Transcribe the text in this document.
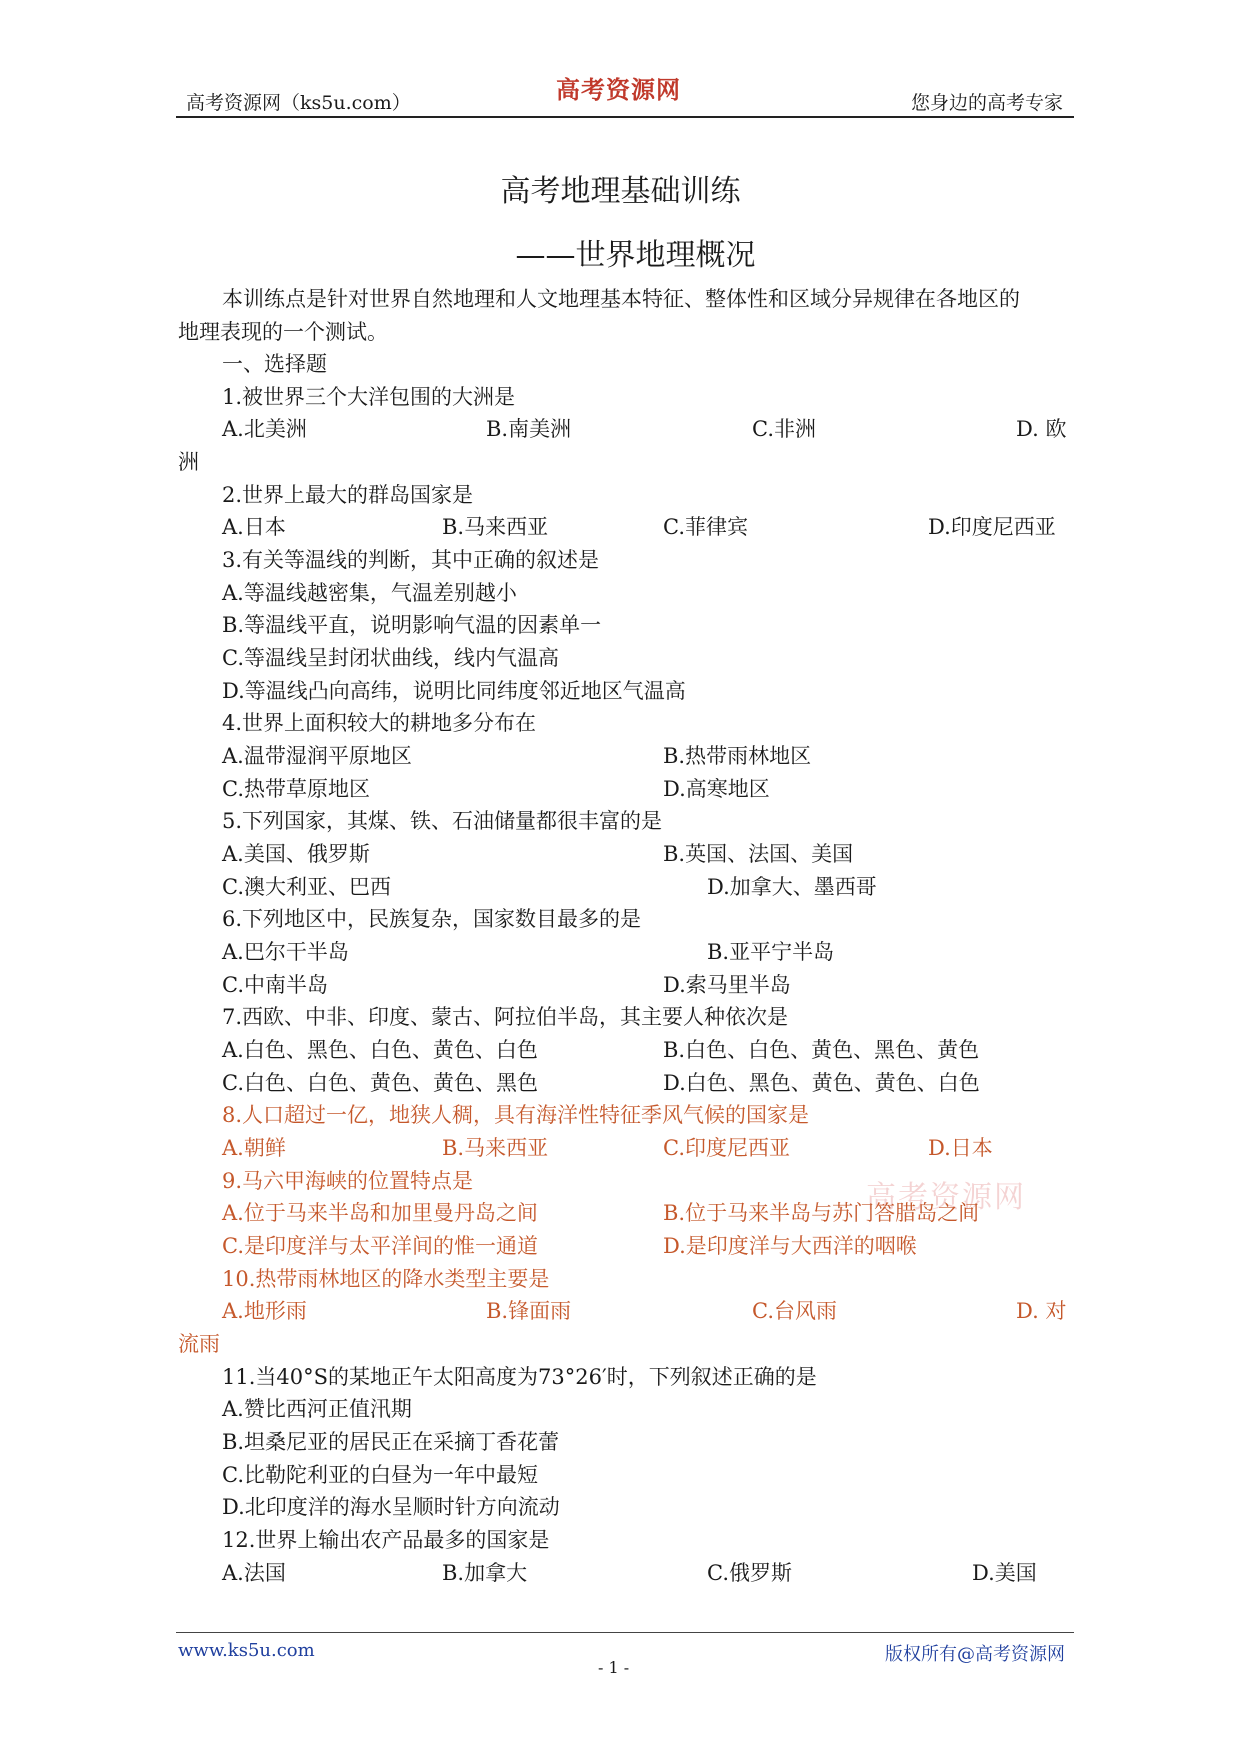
高考资源网（ks5u.com）	高考资源网	您身边的高考专家
高考地理基础训练
——世界地理概况
本训练点是针对世界自然地理和人文地理基本特征、整体性和区域分异规律在各地区的
地理表现的一个测试。
一、选择题
1.被世界三个大洋包围的大洲是
A.北美洲	B.南美洲	C.非洲	D. 欧
洲
2.世界上最大的群岛国家是
A.日本	B.马来西亚	C.菲律宾	D.印度尼西亚
3.有关等温线的判断，其中正确的叙述是
A.等温线越密集，气温差别越小
B.等温线平直，说明影响气温的因素单一
C.等温线呈封闭状曲线，线内气温高
D.等温线凸向高纬，说明比同纬度邻近地区气温高
4.世界上面积较大的耕地多分布在
A.温带湿润平原地区	B.热带雨林地区
C.热带草原地区	D.高寒地区
5.下列国家，其煤、铁、石油储量都很丰富的是
A.美国、俄罗斯	B.英国、法国、美国
C.澳大利亚、巴西	D.加拿大、墨西哥
6.下列地区中，民族复杂，国家数目最多的是
A.巴尔干半岛	B.亚平宁半岛
C.中南半岛	D.索马里半岛
7.西欧、中非、印度、蒙古、阿拉伯半岛，其主要人种依次是
A.白色、黑色、白色、黄色、白色	B.白色、白色、黄色、黑色、黄色
C.白色、白色、黄色、黄色、黑色	D.白色、黑色、黄色、黄色、白色
8.人口超过一亿，地狭人稠，具有海洋性特征季风气候的国家是
A.朝鲜	B.马来西亚	C.印度尼西亚	D.日本
高考资源网
9.马六甲海峡的位置特点是
A.位于马来半岛和加里曼丹岛之间	B.位于马来半岛与苏门答腊岛之间
C.是印度洋与太平洋间的惟一通道	D.是印度洋与大西洋的咽喉
10.热带雨林地区的降水类型主要是
A.地形雨	B.锋面雨	C.台风雨	D. 对
流雨
11.当40°S的某地正午太阳高度为73°26′时，下列叙述正确的是
A.赞比西河正值汛期
B.坦桑尼亚的居民正在采摘丁香花蕾
C.比勒陀利亚的白昼为一年中最短
D.北印度洋的海水呈顺时针方向流动
12.世界上输出农产品最多的国家是
A.法国	B.加拿大	C.俄罗斯	D.美国
www.ks5u.com
- 1 -
版权所有@高考资源网
